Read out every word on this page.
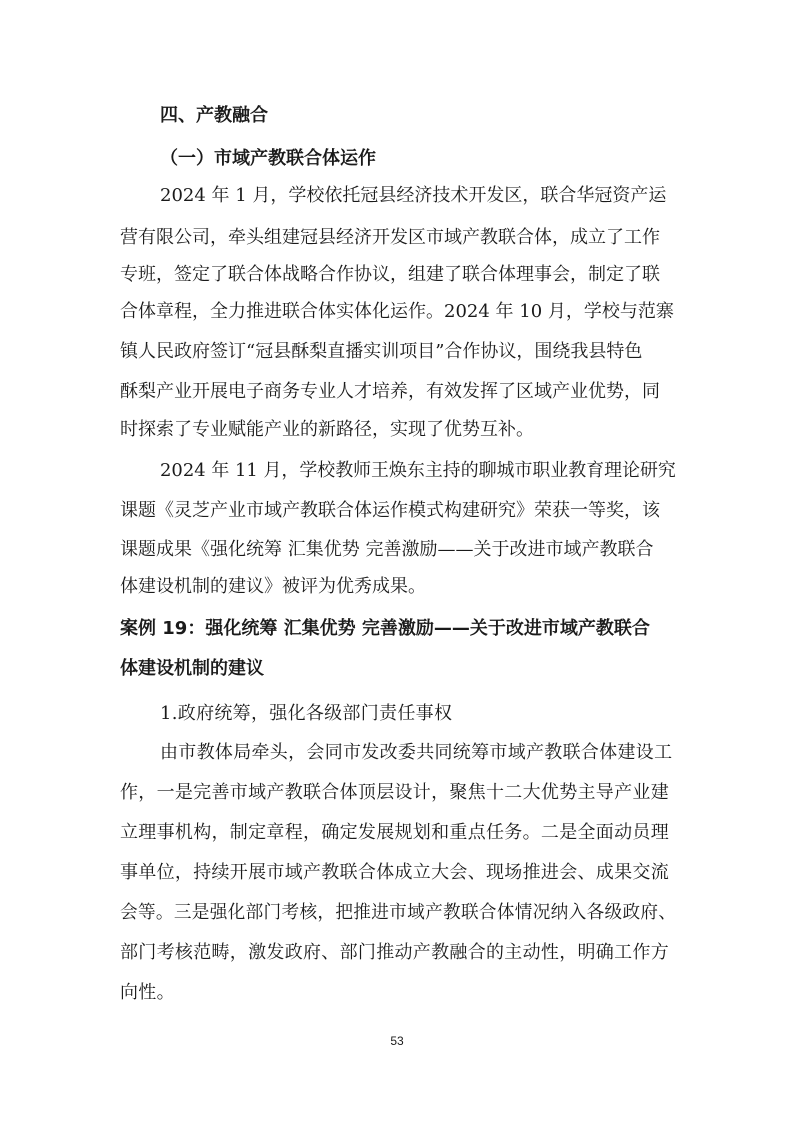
四、产教融合
（一）市域产教联合体运作
2024 年 1 月，学校依托冠县经济技术开发区，联合华冠资产运
营有限公司，牵头组建冠县经济开发区市域产教联合体，成立了工作
专班，签定了联合体战略合作协议，组建了联合体理事会，制定了联
合体章程，全力推进联合体实体化运作。2024 年 10 月，学校与范寨
镇人民政府签订“冠县酥梨直播实训项目”合作协议，围绕我县特色
酥梨产业开展电子商务专业人才培养，有效发挥了区域产业优势，同
时探索了专业赋能产业的新路径，实现了优势互补。
2024 年 11 月，学校教师王焕东主持的聊城市职业教育理论研究
课题《灵芝产业市域产教联合体运作模式构建研究》荣获一等奖，该
课题成果《强化统筹 汇集优势 完善激励——关于改进市域产教联合
体建设机制的建议》被评为优秀成果。
案例 19：强化统筹 汇集优势 完善激励——关于改进市域产教联合
体建设机制的建议
1.政府统筹，强化各级部门责任事权
由市教体局牵头，会同市发改委共同统筹市域产教联合体建设工
作，一是完善市域产教联合体顶层设计，聚焦十二大优势主导产业建
立理事机构，制定章程，确定发展规划和重点任务。二是全面动员理
事单位，持续开展市域产教联合体成立大会、现场推进会、成果交流
会等。三是强化部门考核，把推进市域产教联合体情况纳入各级政府、
部门考核范畴，激发政府、部门推动产教融合的主动性，明确工作方
向性。
53
